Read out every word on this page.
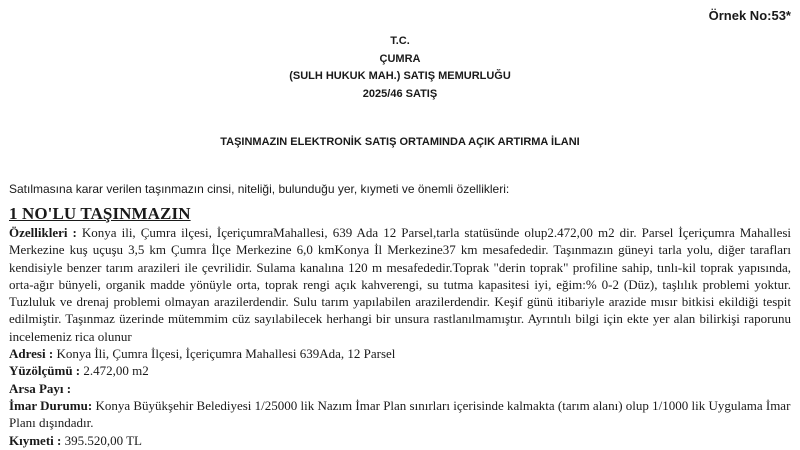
Örnek No:53*
T.C.
ÇUMRA
(SULH HUKUK MAH.) SATIŞ MEMURLUĞU
2025/46 SATIŞ
TAŞINMAZIN ELEKTRONİK SATIŞ ORTAMINDA AÇIK ARTIRMA İLANI
Satılmasına karar verilen taşınmazın cinsi, niteliği, bulunduğu yer, kıymeti ve önemli özellikleri:
1 NO'LU TAŞINMAZIN

Özellikleri : Konya ili, Çumra ilçesi, İçeriçumraMahallesi, 639 Ada 12 Parsel,tarla statüsünde olup2.472,00 m2 dir. Parsel İçeriçumra Mahallesi Merkezine kuş uçuşu 3,5 km Çumra İlçe Merkezine 6,0 kmKonya İl Merkezine37 km mesafededir. Taşınmazın güneyi tarla yolu, diğer tarafları kendisiyle benzer tarım arazileri ile çevrilidir. Sulama kanalına 120 m mesafededir.Toprak "derin toprak" profiline sahip, tınlı-kil toprak yapısında, orta-ağır bünyeli, organik madde yönüyle orta, toprak rengi açık kahverengi, su tutma kapasitesi iyi, eğim:% 0-2 (Düz), taşlılık problemi yoktur. Tuzluluk ve drenaj problemi olmayan arazilerdendir. Sulu tarım yapılabilen arazilerdendir. Keşif günü itibariyle arazide mısır bitkisi ekildiği tespit edilmiştir. Taşınmaz üzerinde mütemmim cüz sayılabilecek herhangi bir unsura rastlanılmamıştır. Ayrıntılı bilgi için ekte yer alan bilirkişi raporunu incelemeniz rica olunur

Adresi : Konya İli, Çumra İlçesi, İçeriçumra Mahallesi 639Ada, 12 Parsel

Yüzölçümü : 2.472,00 m2

Arsa Payı :

İmar Durumu: Konya Büyükşehir Belediyesi 1/25000 lik Nazım İmar Plan sınırları içerisinde kalmakta (tarım alanı) olup 1/1000 lik Uygulama İmar Planı dışındadır.

Kıymeti : 395.520,00 TL
